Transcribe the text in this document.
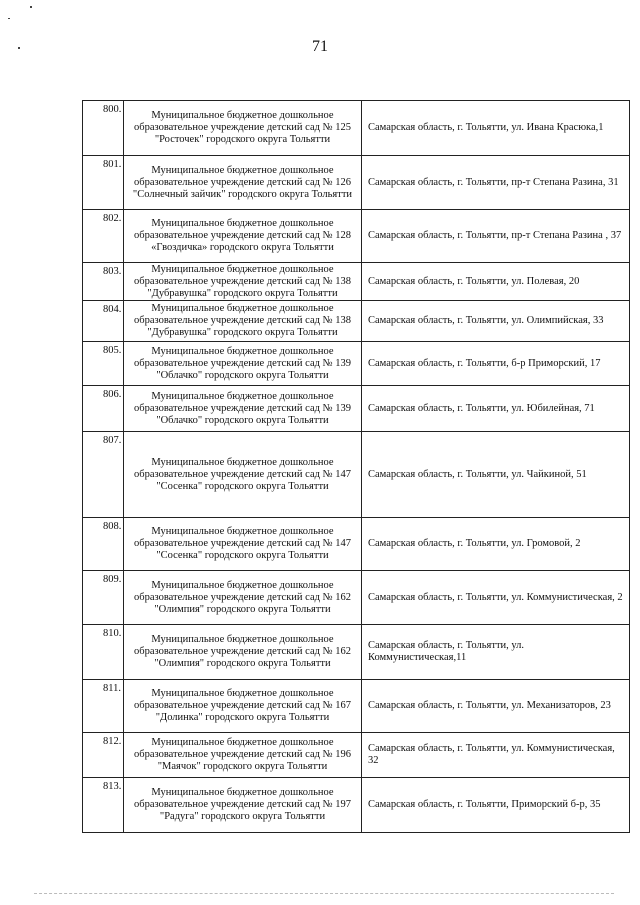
71
800.	Муниципальное бюджетное дошкольное образовательное учреждение детский сад № 125 "Росточек" городского округа Тольятти	Самарская область, г. Тольятти, ул. Ивана Красюка,1

801.	Муниципальное бюджетное дошкольное образовательное учреждение детский сад № 126 "Солнечный зайчик" городского округа Тольятти	Самарская область, г. Тольятти, пр-т Степана Разина, 31

802.	Муниципальное бюджетное дошкольное образовательное учреждение детский сад № 128 «Гвоздичка» городского округа Тольятти	Самарская область, г. Тольятти, пр-т Степана Разина , 37

803.	Муниципальное бюджетное дошкольное образовательное учреждение детский сад № 138 "Дубравушка" городского округа Тольятти	Самарская область, г. Тольятти, ул. Полевая, 20

804.	Муниципальное бюджетное дошкольное образовательное учреждение детский сад № 138 "Дубравушка" городского округа Тольятти	Самарская область, г. Тольятти, ул. Олимпийская, 33

805.	Муниципальное бюджетное дошкольное образовательное учреждение детский сад № 139 "Облачко" городского округа Тольятти	Самарская область, г. Тольятти, б-р Приморский, 17

806.	Муниципальное бюджетное дошкольное образовательное учреждение детский сад № 139 "Облачко" городского округа Тольятти	Самарская область, г. Тольятти, ул. Юбилейная, 71

807.	Муниципальное бюджетное дошкольное образовательное учреждение детский сад № 147 "Сосенка" городского округа Тольятти	Самарская область, г. Тольятти, ул. Чайкиной, 51

808.	Муниципальное бюджетное дошкольное образовательное учреждение детский сад № 147 "Сосенка" городского округа Тольятти	Самарская область, г. Тольятти, ул. Громовой, 2

809.	Муниципальное бюджетное дошкольное образовательное учреждение детский сад № 162 "Олимпия" городского округа Тольятти	Самарская область, г. Тольятти, ул. Коммунистическая, 2

810.	Муниципальное бюджетное дошкольное образовательное учреждение детский сад № 162 "Олимпия" городского округа Тольятти	Самарская область, г. Тольятти, ул. Коммунистическая,11

811.	Муниципальное бюджетное дошкольное образовательное учреждение детский сад № 167 "Долинка" городского округа Тольятти	Самарская область, г. Тольятти, ул. Механизаторов, 23

812.	Муниципальное бюджетное дошкольное образовательное учреждение детский сад № 196 "Маячок" городского округа Тольятти	Самарская область, г. Тольятти, ул. Коммунистическая, 32

813.	Муниципальное бюджетное дошкольное образовательное учреждение детский сад № 197 "Радуга" городского округа Тольятти	Самарская область, г. Тольятти, Приморский б-р, 35
